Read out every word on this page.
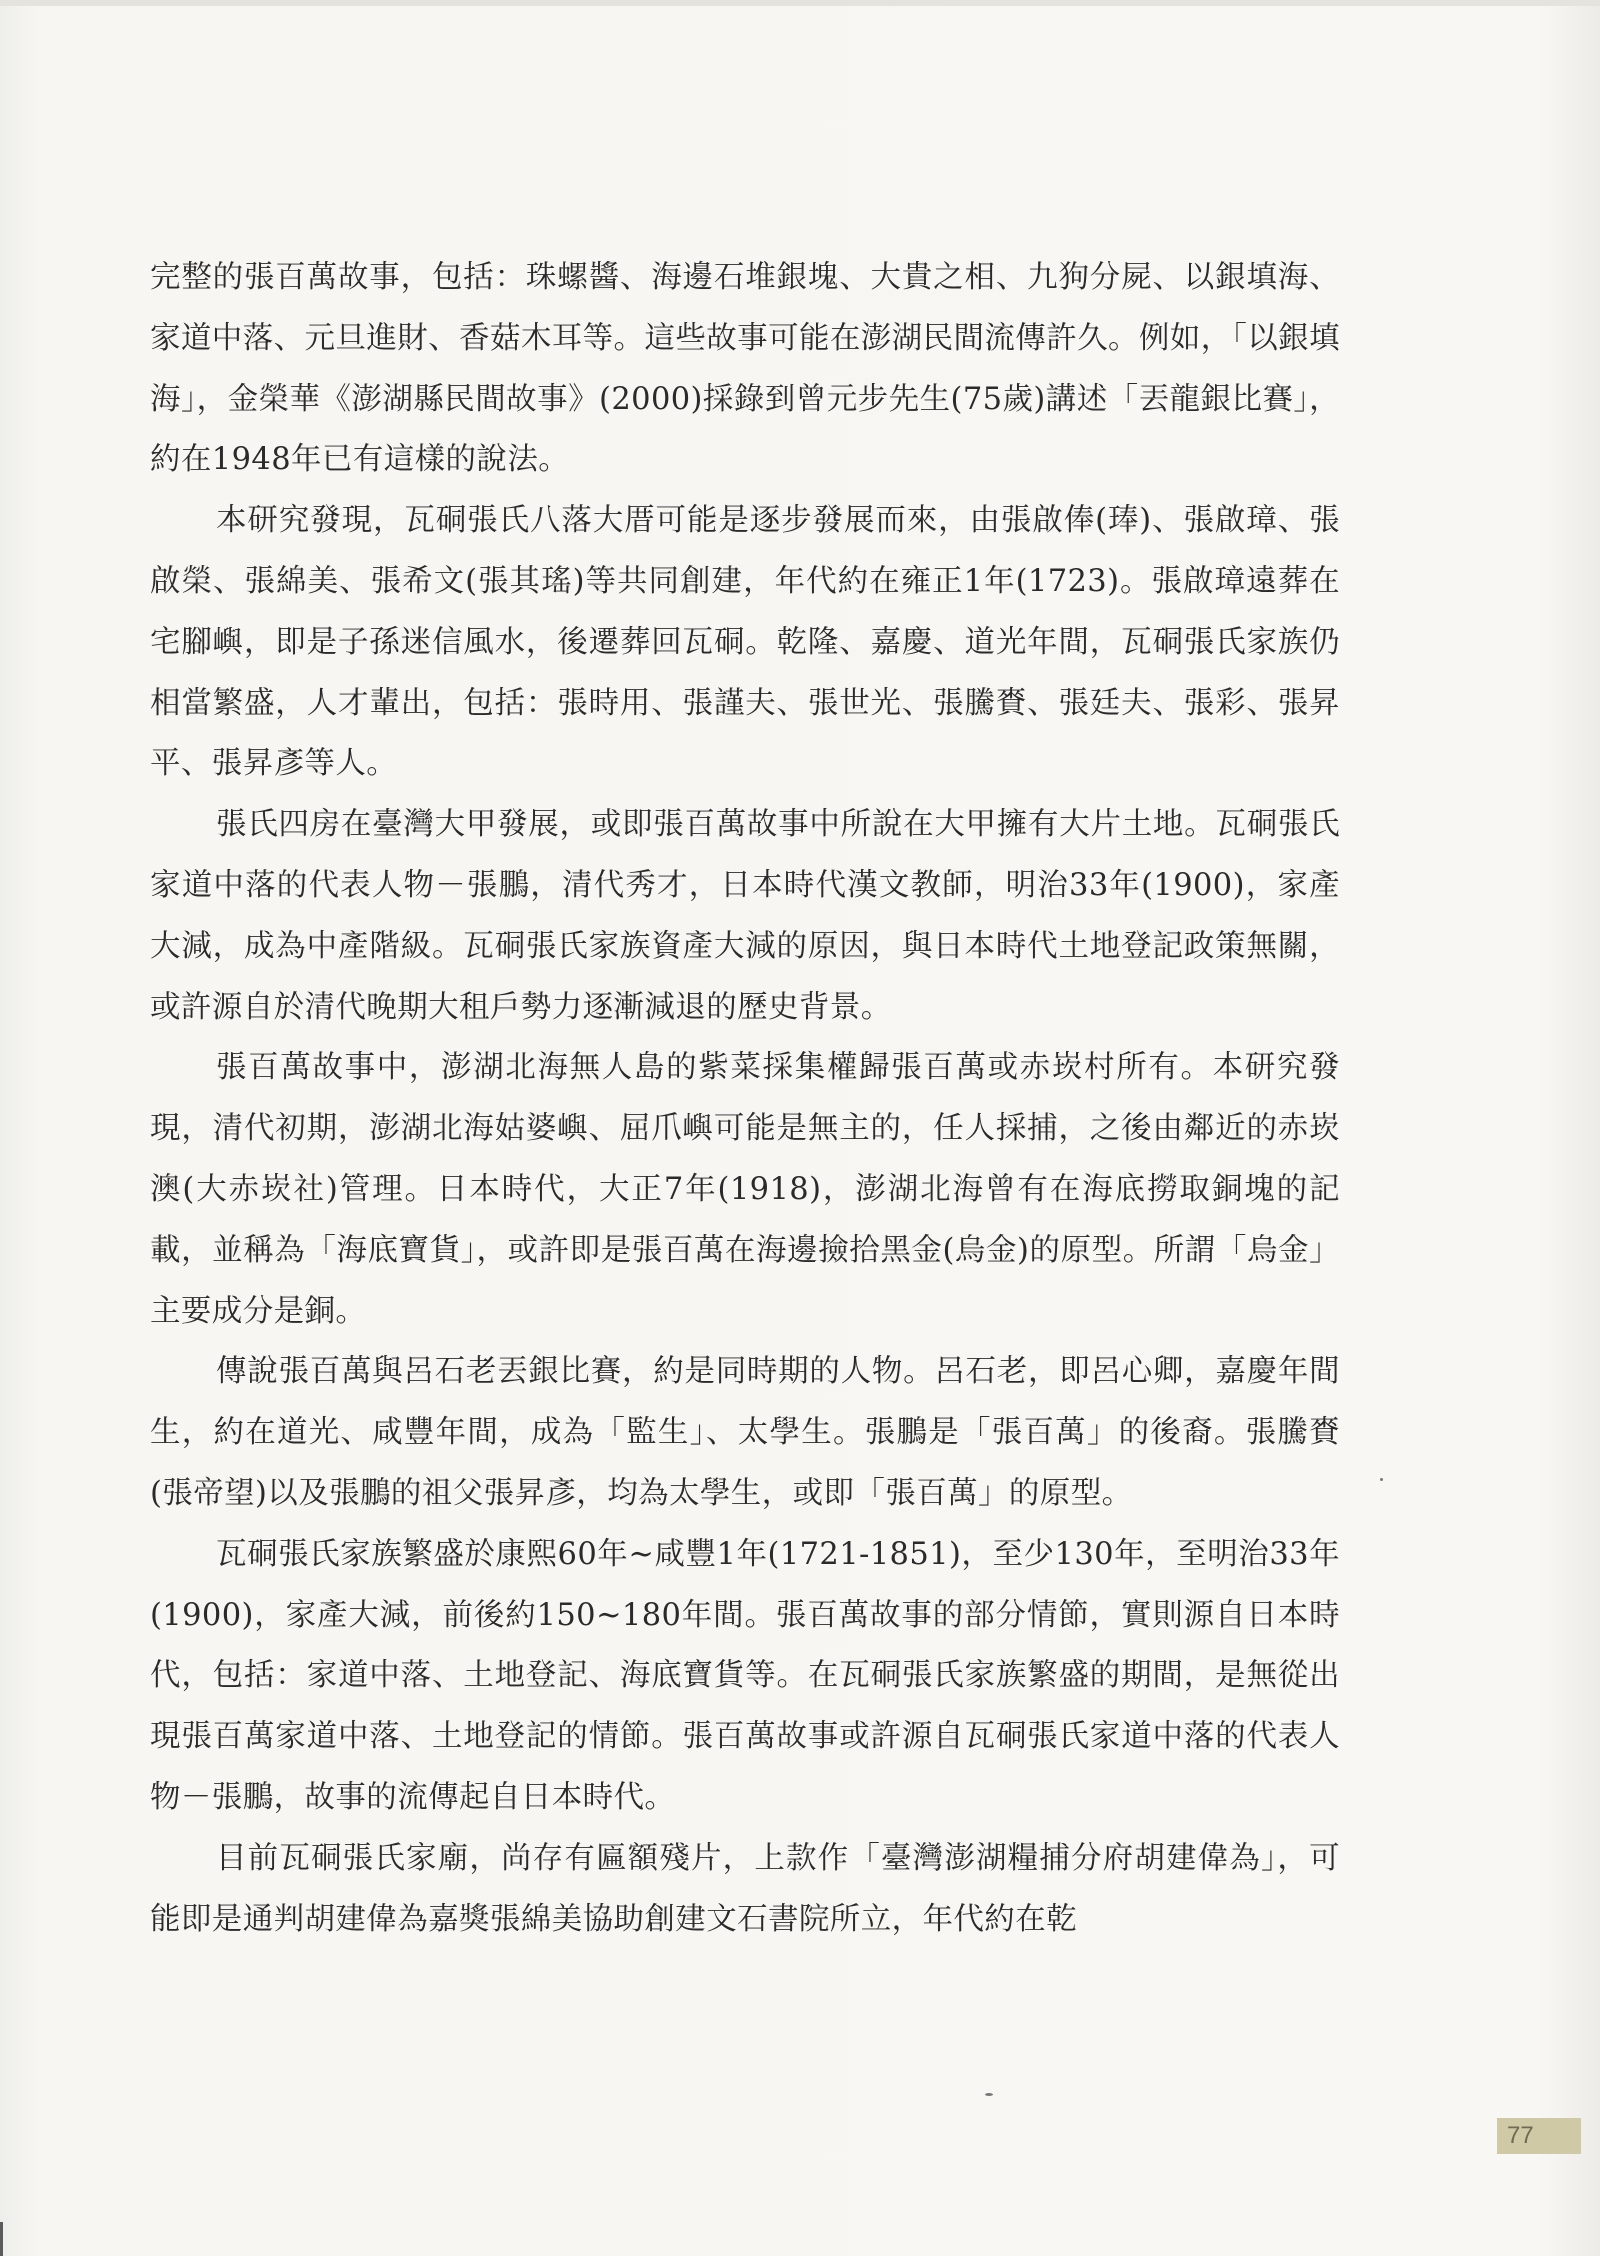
完整的張百萬故事，包括：珠螺醬、海邊石堆銀塊、大貴之相、九狗分屍、以銀填海、家道中落、元旦進財、香菇木耳等。這些故事可能在澎湖民間流傳許久。例如，「以銀填海」，金榮華《澎湖縣民間故事》(2000)採錄到曾元步先生(75歲)講述「丟龍銀比賽」，約在1948年已有這樣的說法。

本研究發現，瓦硐張氏八落大厝可能是逐步發展而來，由張啟俸(琫)、張啟璋、張啟榮、張綿美、張希文(張其瑤)等共同創建，年代約在雍正1年(1723)。張啟璋遠葬在宅腳嶼，即是子孫迷信風水，後遷葬回瓦硐。乾隆、嘉慶、道光年間，瓦硐張氏家族仍相當繁盛，人才輩出，包括：張時用、張謹夫、張世光、張騰賚、張廷夫、張彩、張昇平、張昇彥等人。

張氏四房在臺灣大甲發展，或即張百萬故事中所說在大甲擁有大片土地。瓦硐張氏家道中落的代表人物－張鵬，清代秀才，日本時代漢文教師，明治33年(1900)，家產大減，成為中產階級。瓦硐張氏家族資產大減的原因，與日本時代土地登記政策無關，或許源自於清代晚期大租戶勢力逐漸減退的歷史背景。

張百萬故事中，澎湖北海無人島的紫菜採集權歸張百萬或赤崁村所有。本研究發現，清代初期，澎湖北海姑婆嶼、屈爪嶼可能是無主的，任人採捕，之後由鄰近的赤崁澳(大赤崁社)管理。日本時代，大正7年(1918)，澎湖北海曾有在海底撈取銅塊的記載，並稱為「海底寶貨」，或許即是張百萬在海邊撿拾黑金(烏金)的原型。所謂「烏金」主要成分是銅。

傳說張百萬與呂石老丟銀比賽，約是同時期的人物。呂石老，即呂心卿，嘉慶年間生，約在道光、咸豐年間，成為「監生」、太學生。張鵬是「張百萬」的後裔。張騰賚(張帝望)以及張鵬的祖父張昇彥，均為太學生，或即「張百萬」的原型。

瓦硐張氏家族繁盛於康熙60年~咸豐1年(1721-1851)，至少130年，至明治33年(1900)，家產大減，前後約150~180年間。張百萬故事的部分情節，實則源自日本時代，包括：家道中落、土地登記、海底寶貨等。在瓦硐張氏家族繁盛的期間，是無從出現張百萬家道中落、土地登記的情節。張百萬故事或許源自瓦硐張氏家道中落的代表人物－張鵬，故事的流傳起自日本時代。

目前瓦硐張氏家廟，尚存有匾額殘片，上款作「臺灣澎湖糧捕分府胡建偉為」，可能即是通判胡建偉為嘉獎張綿美協助創建文石書院所立，年代約在乾

77
